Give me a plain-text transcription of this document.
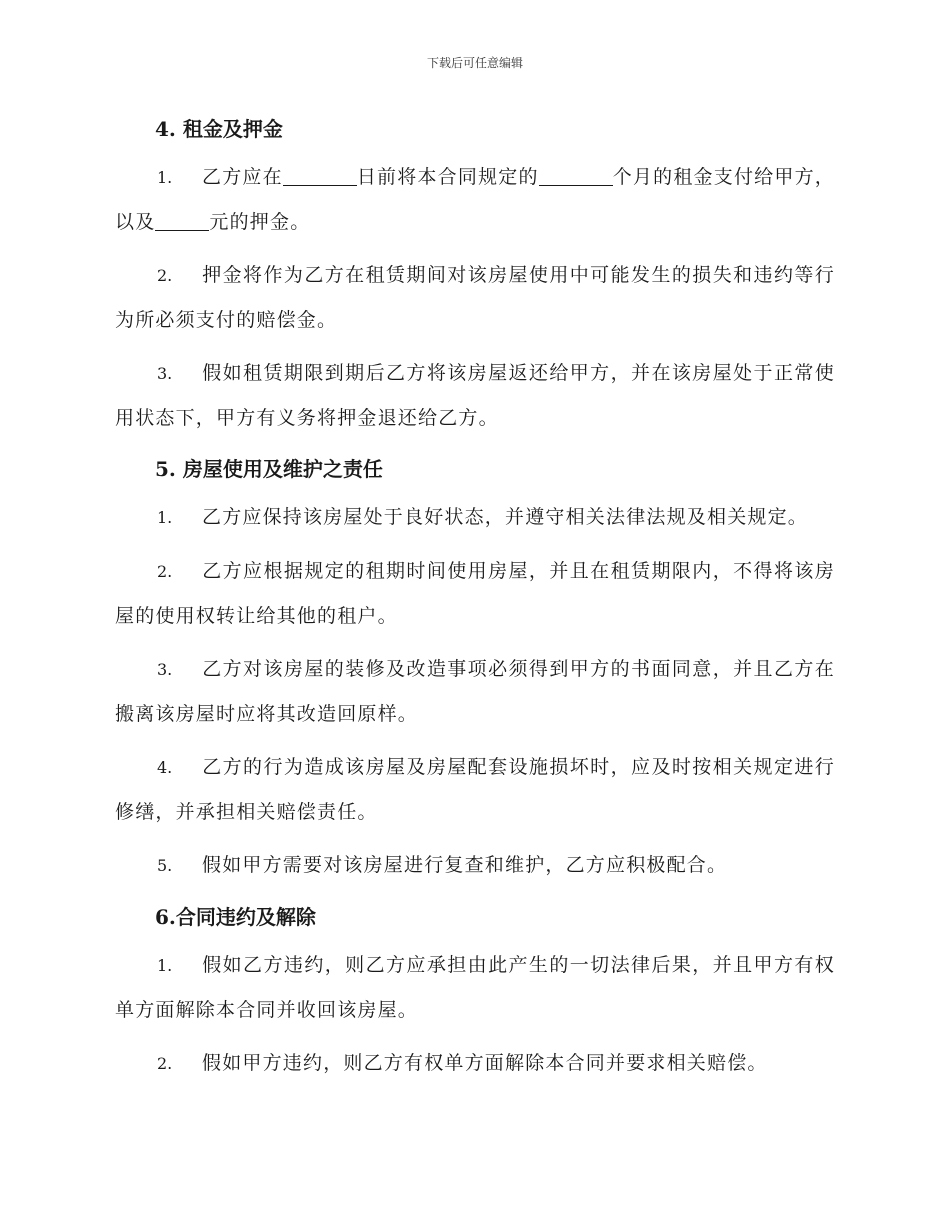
下载后可任意编辑

4. 租金及押金

1. 乙方应在	日前将本合同规定的	个月的租金支付给甲方，以及	元的押金。

2. 押金将作为乙方在租赁期间对该房屋使用中可能发生的损失和违约等行为所必须支付的赔偿金。

3. 假如租赁期限到期后乙方将该房屋返还给甲方，并在该房屋处于正常使用状态下，甲方有义务将押金退还给乙方。

5. 房屋使用及维护之责任

1. 乙方应保持该房屋处于良好状态，并遵守相关法律法规及相关规定。

2. 乙方应根据规定的租期时间使用房屋，并且在租赁期限内，不得将该房屋的使用权转让给其他的租户。

3. 乙方对该房屋的装修及改造事项必须得到甲方的书面同意，并且乙方在搬离该房屋时应将其改造回原样。

4. 乙方的行为造成该房屋及房屋配套设施损坏时，应及时按相关规定进行修缮，并承担相关赔偿责任。

5. 假如甲方需要对该房屋进行复查和维护，乙方应积极配合。

6.合同违约及解除

1. 假如乙方违约，则乙方应承担由此产生的一切法律后果，并且甲方有权单方面解除本合同并收回该房屋。

2. 假如甲方违约，则乙方有权单方面解除本合同并要求相关赔偿。
